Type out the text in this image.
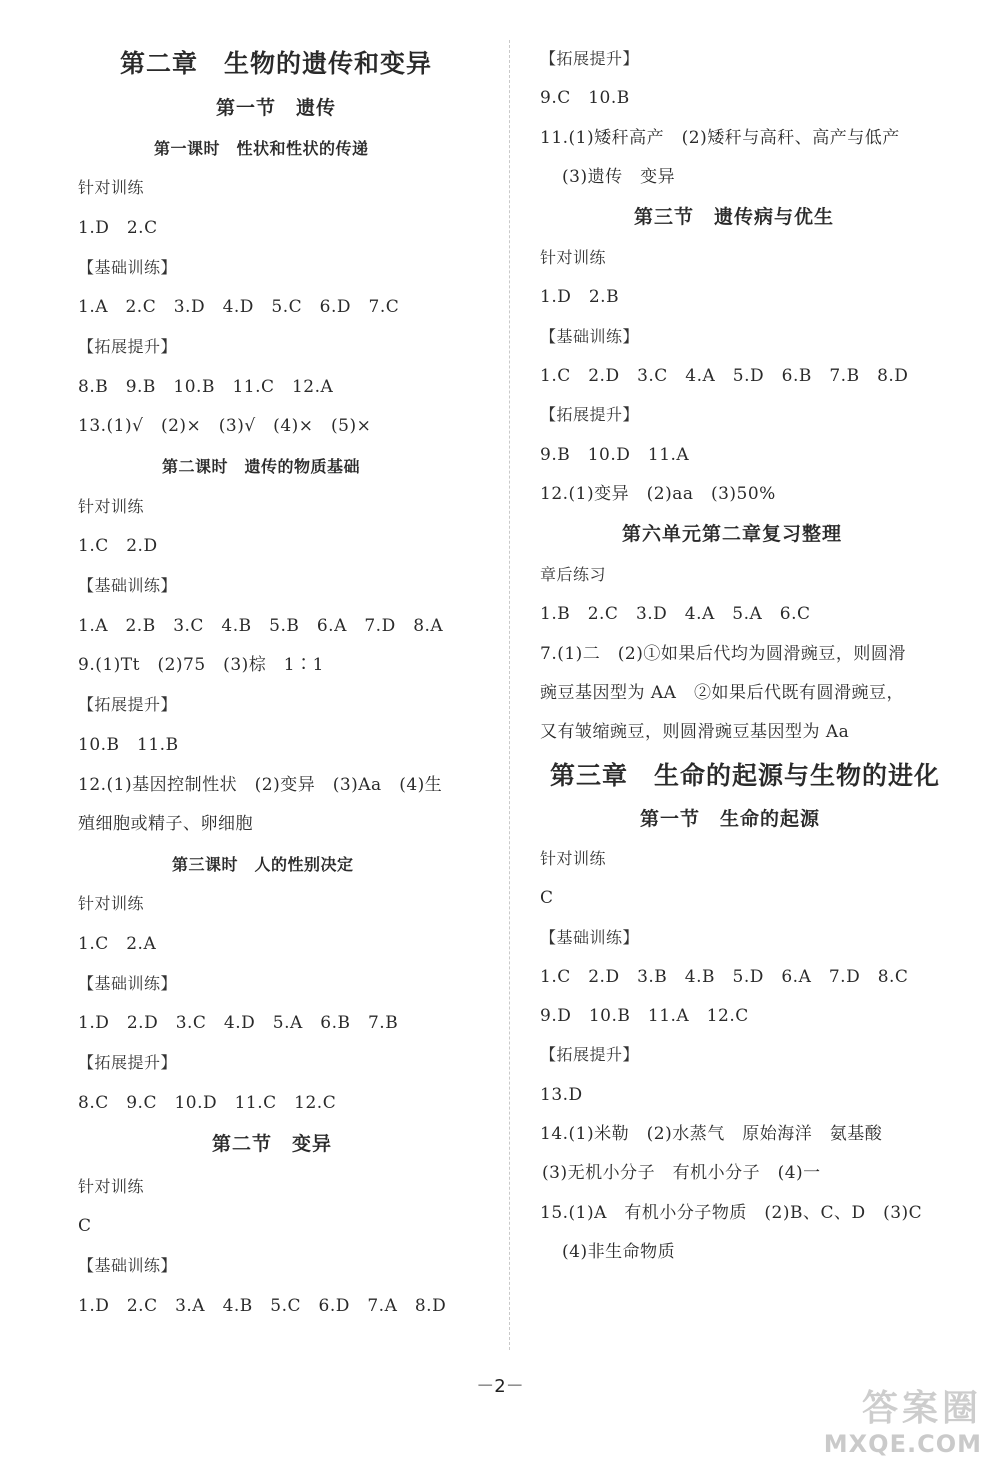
第二章　生物的遗传和变异
第一节　遗传
第一课时　性状和性状的传递
针对训练
1.D　2.C
【基础训练】
1.A　2.C　3.D　4.D　5.C　6.D　7.C
【拓展提升】
8.B　9.B　10.B　11.C　12.A
13.(1)√　(2)×　(3)√　(4)×　(5)×
第二课时　遗传的物质基础
针对训练
1.C　2.D
【基础训练】
1.A　2.B　3.C　4.B　5.B　6.A　7.D　8.A
9.(1)Tt　(2)75　(3)棕　1∶1
【拓展提升】
10.B　11.B
12.(1)基因控制性状　(2)变异　(3)Aa　(4)生
殖细胞或精子、卵细胞
第三课时　人的性别决定
针对训练
1.C　2.A
【基础训练】
1.D　2.D　3.C　4.D　5.A　6.B　7.B
【拓展提升】
8.C　9.C　10.D　11.C　12.C
第二节　变异
针对训练
C
【基础训练】
1.D　2.C　3.A　4.B　5.C　6.D　7.A　8.D
【拓展提升】
9.C　10.B
11.(1)矮秆高产　(2)矮秆与高秆、高产与低产
(3)遗传　变异
第三节　遗传病与优生
针对训练
1.D　2.B
【基础训练】
1.C　2.D　3.C　4.A　5.D　6.B　7.B　8.D
【拓展提升】
9.B　10.D　11.A
12.(1)变异　(2)aa　(3)50%
第六单元第二章复习整理
章后练习
1.B　2.C　3.D　4.A　5.A　6.C
7.(1)二　(2)①如果后代均为圆滑豌豆，则圆滑
豌豆基因型为 AA　②如果后代既有圆滑豌豆，
又有皱缩豌豆，则圆滑豌豆基因型为 Aa
第三章　生命的起源与生物的进化
第一节　生命的起源
针对训练
C
【基础训练】
1.C　2.D　3.B　4.B　5.D　6.A　7.D　8.C
9.D　10.B　11.A　12.C
【拓展提升】
13.D
14.(1)米勒　(2)水蒸气　原始海洋　氨基酸
(3)无机小分子　有机小分子　(4)一
15.(1)A　有机小分子物质　(2)B、C、D　(3)C
(4)非生命物质
－2－
答案圈
MXQE.COM
